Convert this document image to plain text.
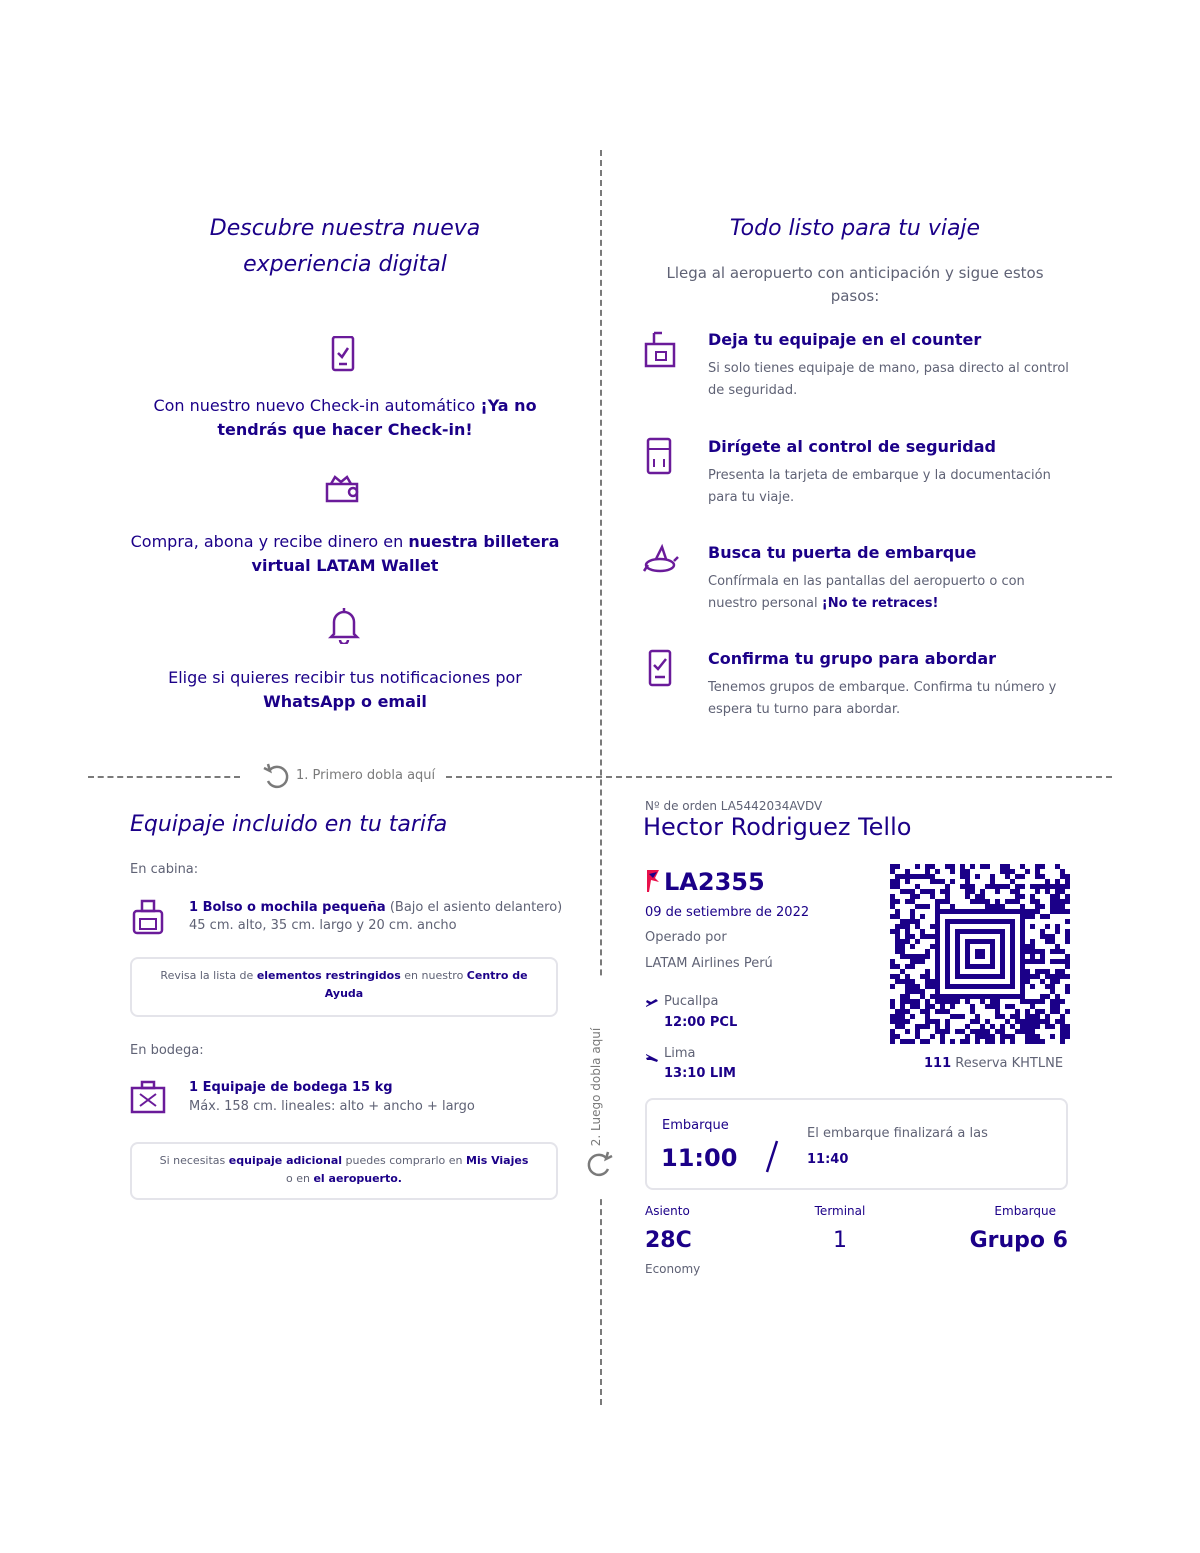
1. Primero dobla aquí
2. Luego dobla aquí
Descubre nuestra nueva experiencia digital
Con nuestro nuevo Check-in automático ¡Ya no tendrás que hacer Check-in!
Compra, abona y recibe dinero en nuestra billetera virtual LATAM Wallet
Elige si quieres recibir tus notificaciones por WhatsApp o email
Todo listo para tu viaje
Llega al aeropuerto con anticipación y sigue estos pasos:
Deja tu equipaje en el counter
Si solo tienes equipaje de mano, pasa directo al control de seguridad.
Dirígete al control de seguridad
Presenta la tarjeta de embarque y la documentación para tu viaje.
Busca tu puerta de embarque
Confírmala en las pantallas del aeropuerto o con nuestro personal ¡No te retraces!
Confirma tu grupo para abordar
Tenemos grupos de embarque. Confirma tu número y espera tu turno para abordar.
Equipaje incluido en tu tarifa
En cabina:
1 Bolso o mochila pequeña (Bajo el asiento delantero)
45 cm. alto, 35 cm. largo y 20 cm. ancho
Revisa la lista de elementos restringidos en nuestro Centro de Ayuda
En bodega:
1 Equipaje de bodega 15 kg
Máx. 158 cm. lineales: alto + ancho + largo
Si necesitas equipaje adicional puedes comprarlo en Mis Viajes o en el aeropuerto.
Nº de orden LA5442034AVDV
Hector Rodriguez Tello
LA2355
09 de setiembre de 2022
Operado por
LATAM Airlines Perú
Pucallpa
12:00 PCL
Lima
13:10 LIM
111 Reserva KHTLNE
Embarque
11:00
El embarque finalizará a las
11:40
Asiento
28C
Economy
Terminal
1
Embarque
Grupo 6
